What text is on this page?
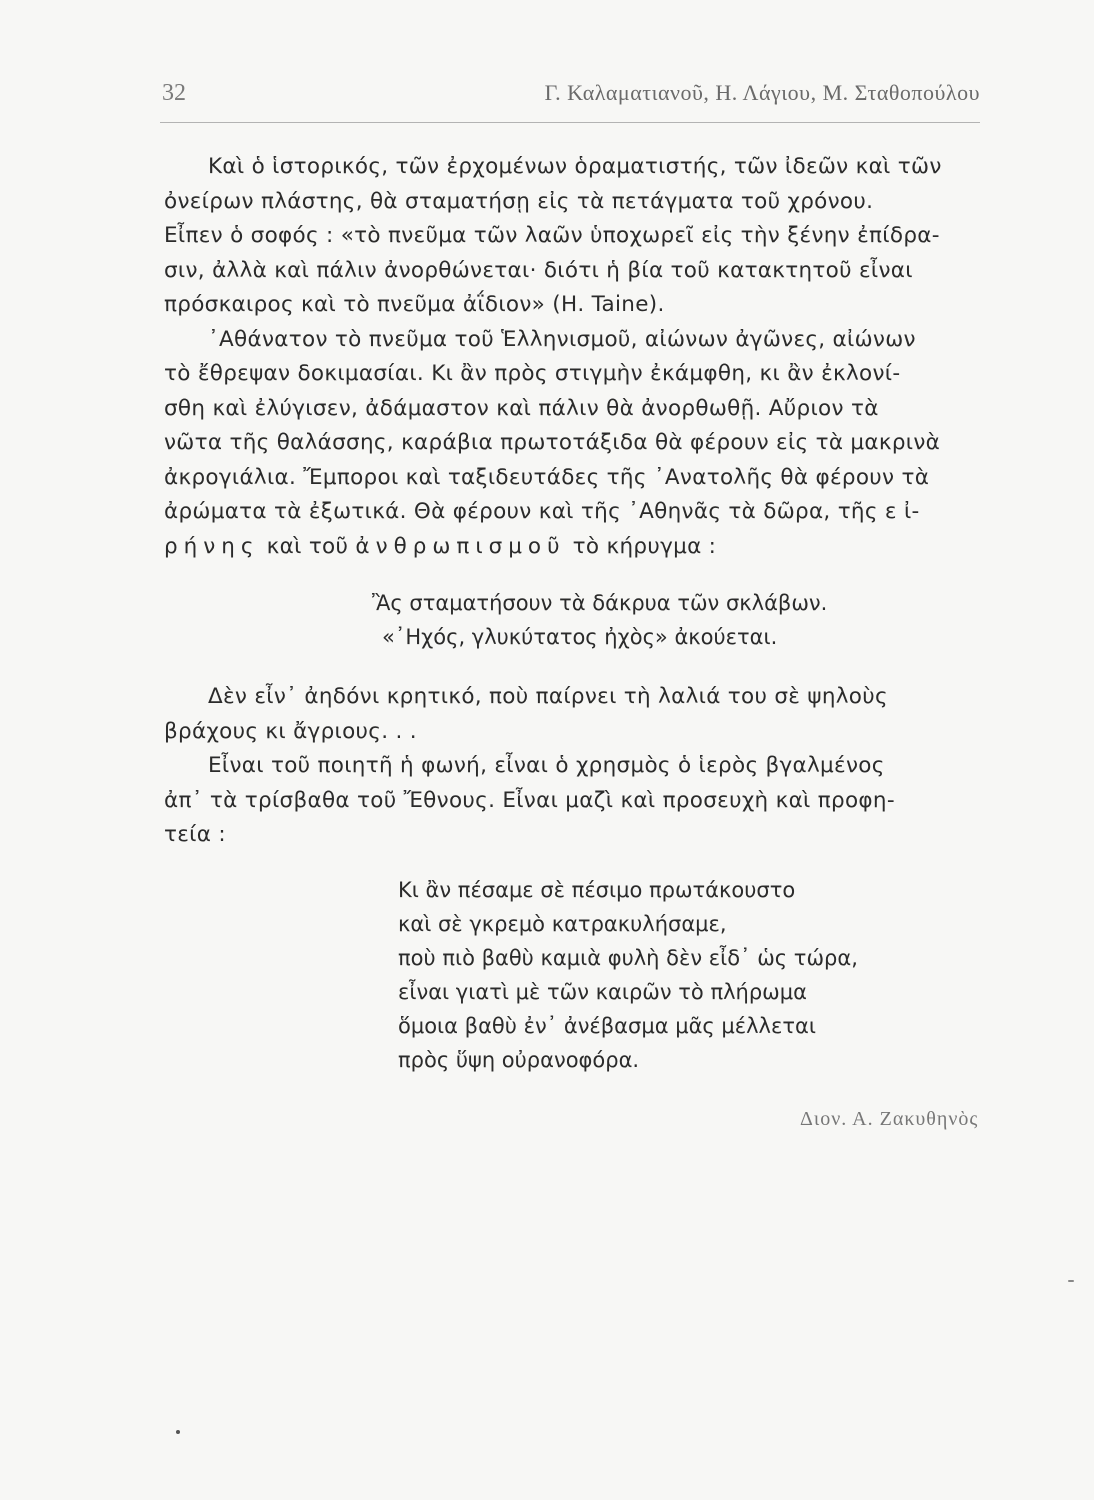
32	Γ. Καλαματιανοῦ, Η. Λάγιου, Μ. Σταθοπούλου
Καὶ ὁ ἱστορικός, τῶν ἐρχομένων ὁραματιστής, τῶν ἰδεῶν καὶ τῶν
ὀνείρων πλάστης, θὰ σταματήσῃ εἰς τὰ πετάγματα τοῦ χρόνου.
Εἶπεν ὁ σοφός : «τὸ πνεῦμα τῶν λαῶν ὑποχωρεῖ εἰς τὴν ξένην ἐπίδρα-
σιν, ἀλλὰ καὶ πάλιν ἀνορθώνεται· διότι ἡ βία τοῦ κατακτητοῦ εἶναι
πρόσκαιρος καὶ τὸ πνεῦμα ἀΐδιον» (Η. Taine).
᾿Αθάνατον τὸ πνεῦμα τοῦ Ἑλληνισμοῦ, αἰώνων ἀγῶνες, αἰώνων
τὸ ἔθρεψαν δοκιμασίαι. Κι ἂν πρὸς στιγμὴν ἐκάμφθη, κι ἂν ἐκλονί-
σθη καὶ ἐλύγισεν, ἀδάμαστον καὶ πάλιν θὰ ἀνορθωθῇ. Αὔριον τὰ
νῶτα τῆς θαλάσσης, καράβια πρωτοτάξιδα θὰ φέρουν εἰς τὰ μακρινὰ
ἀκρογιάλια. Ἔμποροι καὶ ταξιδευτάδες τῆς ᾿Ανατολῆς θὰ φέρουν τὰ
ἀρώματα τὰ ἐξωτικά. Θὰ φέρουν καὶ τῆς ᾿Αθηνᾶς τὰ δῶρα, τῆς ε ἰ-
ρήνης καὶ τοῦ ἀνθρωπισμοῦ τὸ κήρυγμα :
Ἂς σταματήσουν τὰ δάκρυα τῶν σκλάβων.
«᾿Ηχός, γλυκύτατος ἠχὸς» ἀκούεται.
Δὲν εἶν᾿ ἀηδόνι κρητικό, ποὺ παίρνει τὴ λαλιά του σὲ ψηλοὺς
βράχους κι ἄγριους. . .
Εἶναι τοῦ ποιητῆ ἡ φωνή, εἶναι ὁ χρησμὸς ὁ ἱερὸς βγαλμένος
ἀπ᾿ τὰ τρίσβαθα τοῦ Ἔθνους. Εἶναι μαζὶ καὶ προσευχὴ καὶ προφη-
τεία :
Κι ἂν πέσαμε σὲ πέσιμο πρωτάκουστο
καὶ σὲ γκρεμὸ κατρακυλήσαμε,
ποὺ πιὸ βαθὺ καμιὰ φυλὴ δὲν εἶδ᾿ ὡς τώρα,
εἶναι γιατὶ μὲ τῶν καιρῶν τὸ πλήρωμα
ὅμοια βαθὺ ἐν᾿ ἀνέβασμα μᾶς μέλλεται
πρὸς ὕψη οὐρανοφόρα.
Διον. Α. Ζακυθηνὸς
